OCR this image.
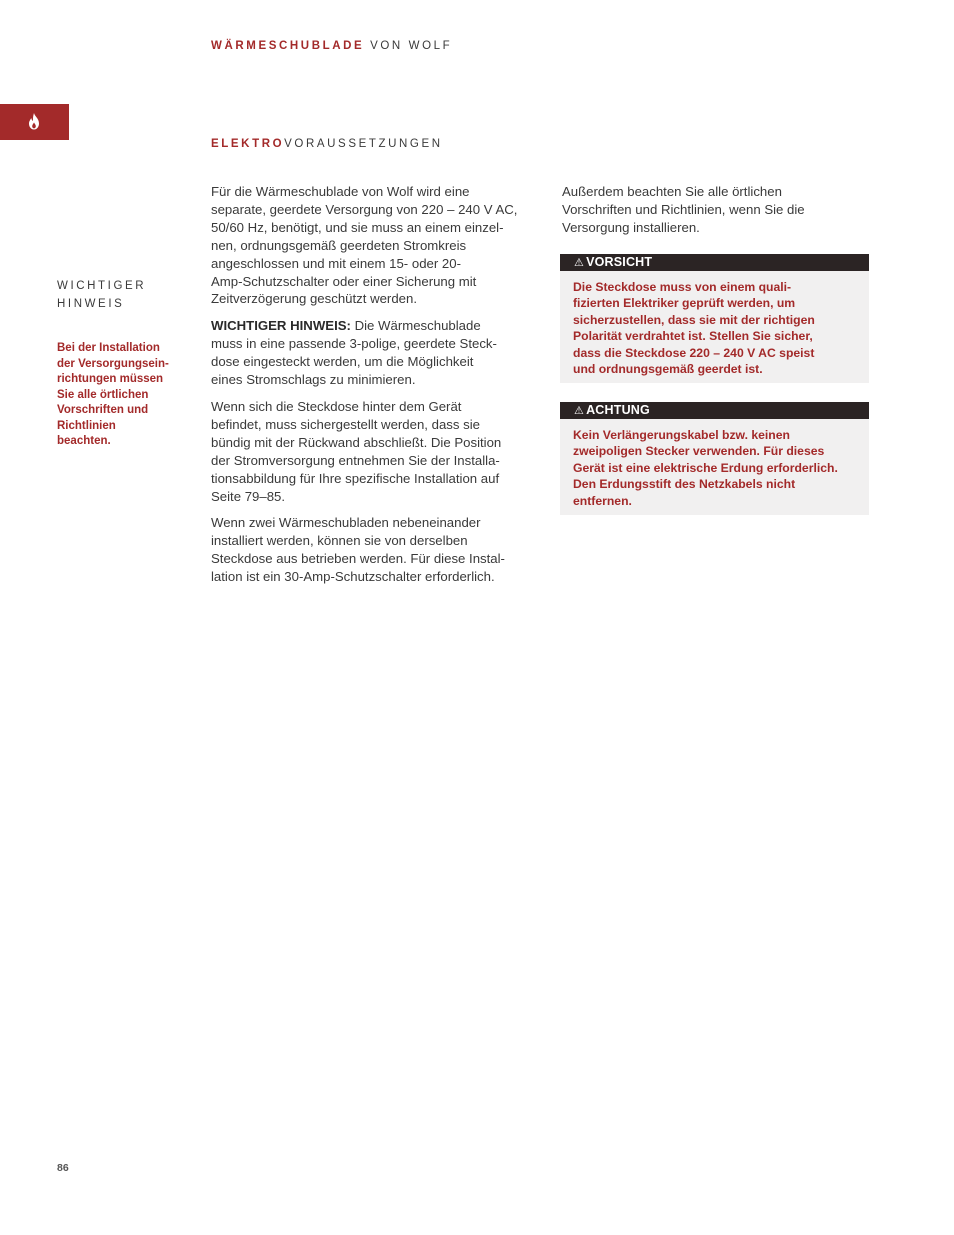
WÄRMESCHUBLADE VON WOLF
ELEKTROVORAUSSETZUNGEN
WICHTIGER
HINWEIS
Bei der Installation
der Versorgungsein-
richtungen müssen
Sie alle örtlichen
Vorschriften und
Richtlinien
beachten.

Für die Wärmeschublade von Wolf wird eine
separate, geerdete Versorgung von 220 – 240 V AC,
50/60 Hz, benötigt, und sie muss an einem einzel-
nen, ordnungsgemäß geerdeten Stromkreis
angeschlossen und mit einem 15- oder 20-
Amp-Schutzschalter oder einer Sicherung mit
Zeitverzögerung geschützt werden.

WICHTIGER HINWEIS: Die Wärmeschublade
muss in eine passende 3-polige, geerdete Steck-
dose eingesteckt werden, um die Möglichkeit
eines Stromschlags zu minimieren.

Wenn sich die Steckdose hinter dem Gerät
befindet, muss sichergestellt werden, dass sie
bündig mit der Rückwand abschließt. Die Position
der Stromversorgung entnehmen Sie der Installa-
tionsabbildung für Ihre spezifische Installation auf
Seite 79–85.

Wenn zwei Wärmeschubladen nebeneinander
installiert werden, können sie von derselben
Steckdose aus betrieben werden. Für diese Instal-
lation ist ein 30-Amp-Schutzschalter erforderlich.

Außerdem beachten Sie alle örtlichen
Vorschriften und Richtlinien, wenn Sie die
Versorgung installieren.

⚠ VORSICHT
Die Steckdose muss von einem quali-
fizierten Elektriker geprüft werden, um
sicherzustellen, dass sie mit der richtigen
Polarität verdrahtet ist. Stellen Sie sicher,
dass die Steckdose 220 – 240 V AC speist
und ordnungsgemäß geerdet ist.
⚠ ACHTUNG
Kein Verlängerungskabel bzw. keinen
zweipoligen Stecker verwenden. Für dieses
Gerät ist eine elektrische Erdung erforderlich.
Den Erdungsstift des Netzkabels nicht
entfernen.
86
